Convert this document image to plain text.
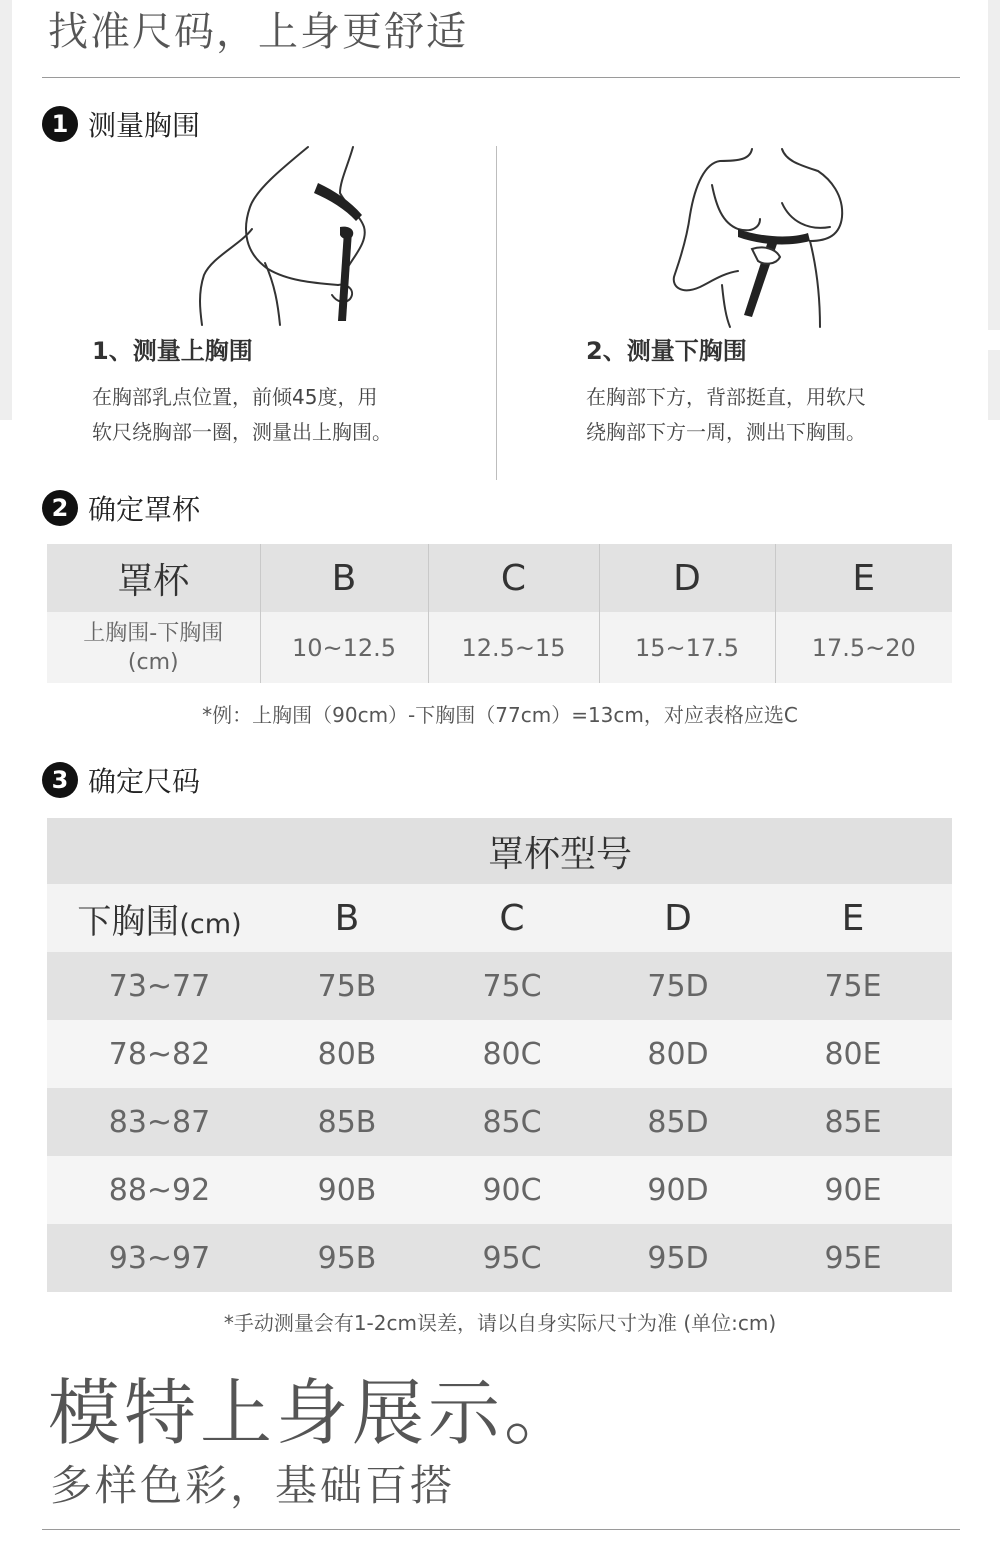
找准尺码，上身更舒适
1 测量胸围
1、测量上胸围
在胸部乳点位置，前倾45度，用
软尺绕胸部一圈，测量出上胸围。
2、测量下胸围
在胸部下方，背部挺直，用软尺
绕胸部下方一周，测出下胸围。
2 确定罩杯
罩杯	B	C	D	E

上胸围-下胸围
(cm)	10~12.5	12.5~15	15~17.5	17.5~20
*例：上胸围（90cm）-下胸围（77cm）=13cm，对应表格应选C
3 确定尺码
	罩杯型号			
下胸围(cm)	B	C	D	E
73~77	75B	75C	75D	75E
78~82	80B	80C	80D	80E
83~87	85B	85C	85D	85E
88~92	90B	90C	90D	90E
93~97	95B	95C	95D	95E
*手动测量会有1-2cm误差，请以自身实际尺寸为准 (单位:cm)
模特上身展示。
多样色彩，基础百搭
